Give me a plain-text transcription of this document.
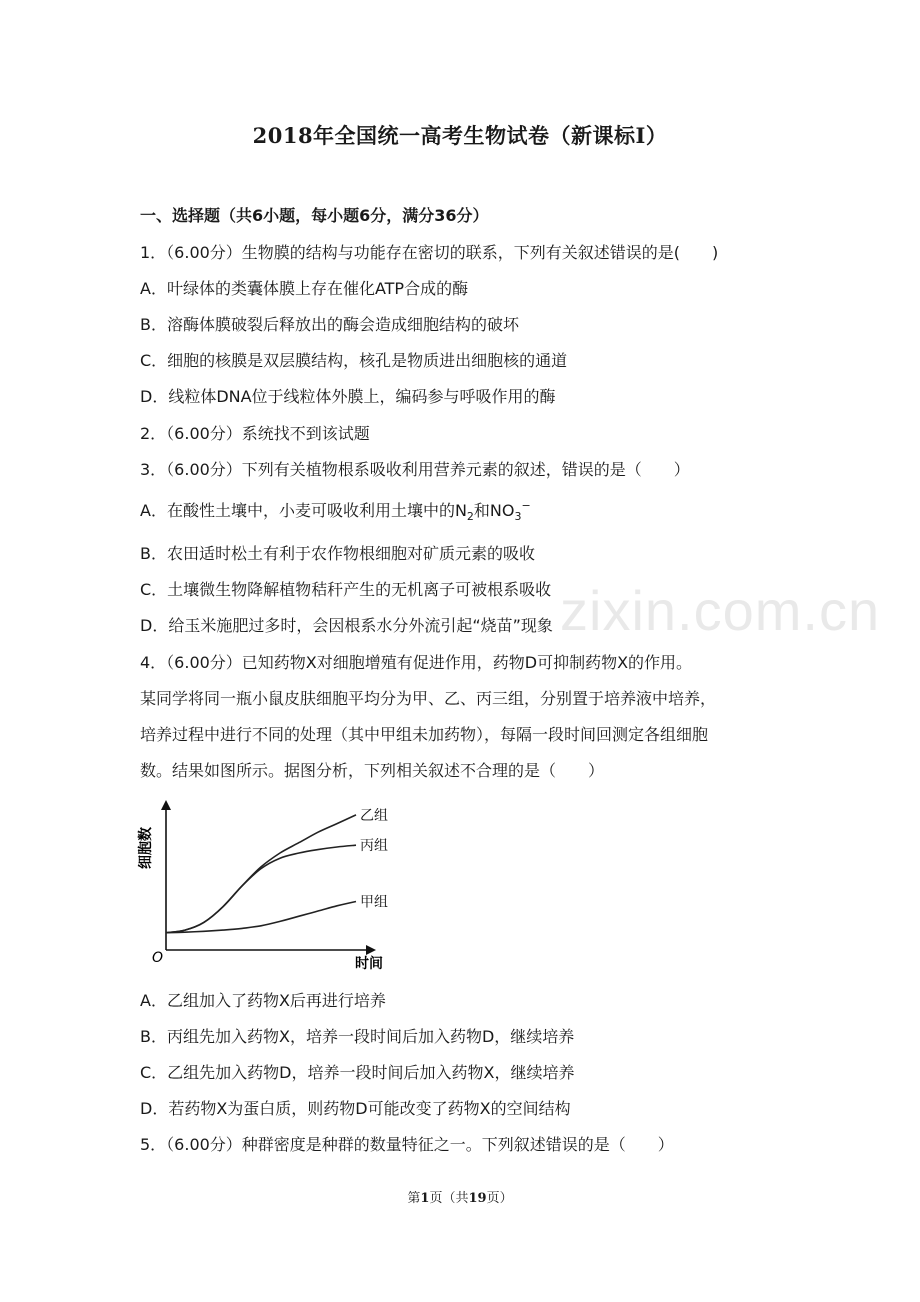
2018年全国统一高考生物试卷（新课标Ⅰ）
一、选择题（共6小题，每小题6分，满分36分）
1．（6.00分）生物膜的结构与功能存在密切的联系，下列有关叙述错误的是(　　)
A．叶绿体的类囊体膜上存在催化ATP合成的酶
B．溶酶体膜破裂后释放出的酶会造成细胞结构的破坏
C．细胞的核膜是双层膜结构，核孔是物质进出细胞核的通道
D．线粒体DNA位于线粒体外膜上，编码参与呼吸作用的酶
2．（6.00分）系统找不到该试题
3．（6.00分）下列有关植物根系吸收利用营养元素的叙述，错误的是（　　）
A．在酸性土壤中，小麦可吸收利用土壤中的$N_2$和$NO_3^-$
B．农田适时松土有利于农作物根细胞对矿质元素的吸收
C．土壤微生物降解植物秸秆产生的无机离子可被根系吸收
D．给玉米施肥过多时，会因根系水分外流引起“烧苗”现象 zixin.com.cn
4．（6.00分）已知药物X对细胞增殖有促进作用，药物D可抑制药物X的作用。
某同学将同一瓶小鼠皮肤细胞平均分为甲、乙、丙三组，分别置于培养液中培养，
培养过程中进行不同的处理（其中甲组未加药物），每隔一段时间回测定各组细胞
数。结果如图所示。据图分析，下列相关叙述不合理的是（　　）
细胞数
时间
O
乙组
丙组
甲组
A．乙组加入了药物X后再进行培养
B．丙组先加入药物X，培养一段时间后加入药物D，继续培养
C．乙组先加入药物D，培养一段时间后加入药物X，继续培养
D．若药物X为蛋白质，则药物D可能改变了药物X的空间结构
5．（6.00分）种群密度是种群的数量特征之一。下列叙述错误的是（　　）
第1页（共19页）
